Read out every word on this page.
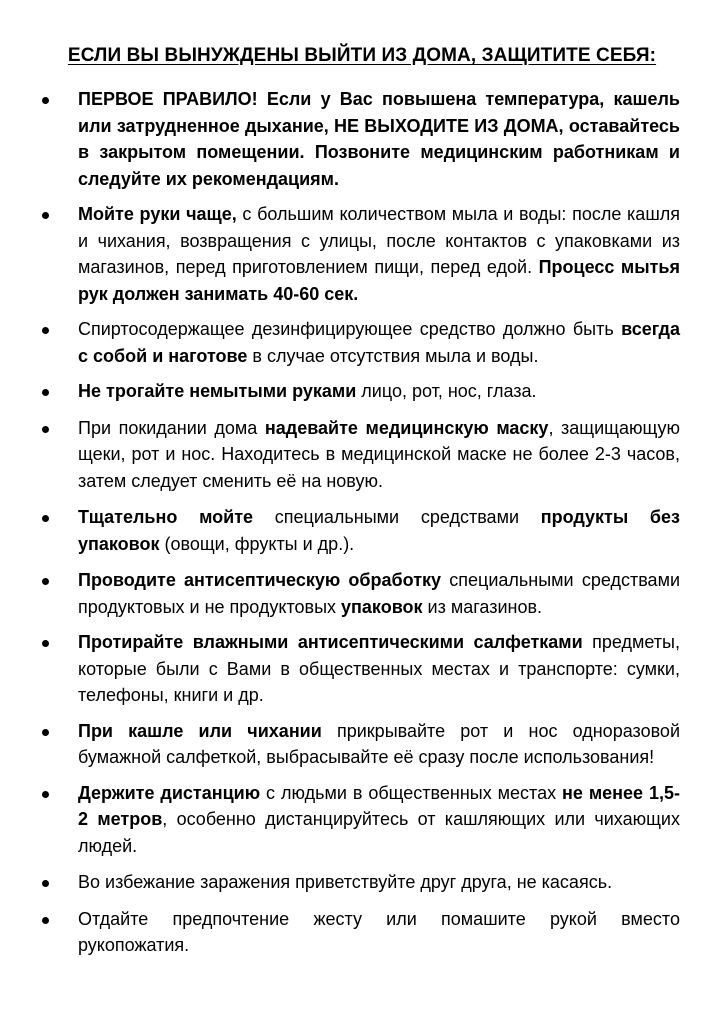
ЕСЛИ ВЫ ВЫНУЖДЕНЫ ВЫЙТИ ИЗ ДОМА, ЗАЩИТИТЕ СЕБЯ:
ПЕРВОЕ ПРАВИЛО! Если у Вас повышена температура, кашель или затрудненное дыхание, НЕ ВЫХОДИТЕ ИЗ ДОМА, оставайтесь в закрытом помещении. Позвоните медицинским работникам и следуйте их рекомендациям.
Мойте руки чаще, с большим количеством мыла и воды: после кашля и чихания, возвращения с улицы, после контактов с упаковками из магазинов, перед приготовлением пищи, перед едой. Процесс мытья рук должен занимать 40-60 сек.
Спиртосодержащее дезинфицирующее средство должно быть всегда с собой и наготове в случае отсутствия мыла и воды.
Не трогайте немытыми руками лицо, рот, нос, глаза.
При покидании дома надевайте медицинскую маску, защищающую щеки, рот и нос. Находитесь в медицинской маске не более 2-3 часов, затем следует сменить её на новую.
Тщательно мойте специальными средствами продукты без упаковок (овощи, фрукты и др.).
Проводите антисептическую обработку специальными средствами продуктовых и не продуктовых упаковок из магазинов.
Протирайте влажными антисептическими салфетками предметы, которые были с Вами в общественных местах и транспорте: сумки, телефоны, книги и др.
При кашле или чихании прикрывайте рот и нос одноразовой бумажной салфеткой, выбрасывайте её сразу после использования!
Держите дистанцию с людьми в общественных местах не менее 1,5-2 метров, особенно дистанцируйтесь от кашляющих или чихающих людей.
Во избежание заражения приветствуйте друг друга, не касаясь.
Отдайте предпочтение жесту или помашите рукой вместо рукопожатия.
